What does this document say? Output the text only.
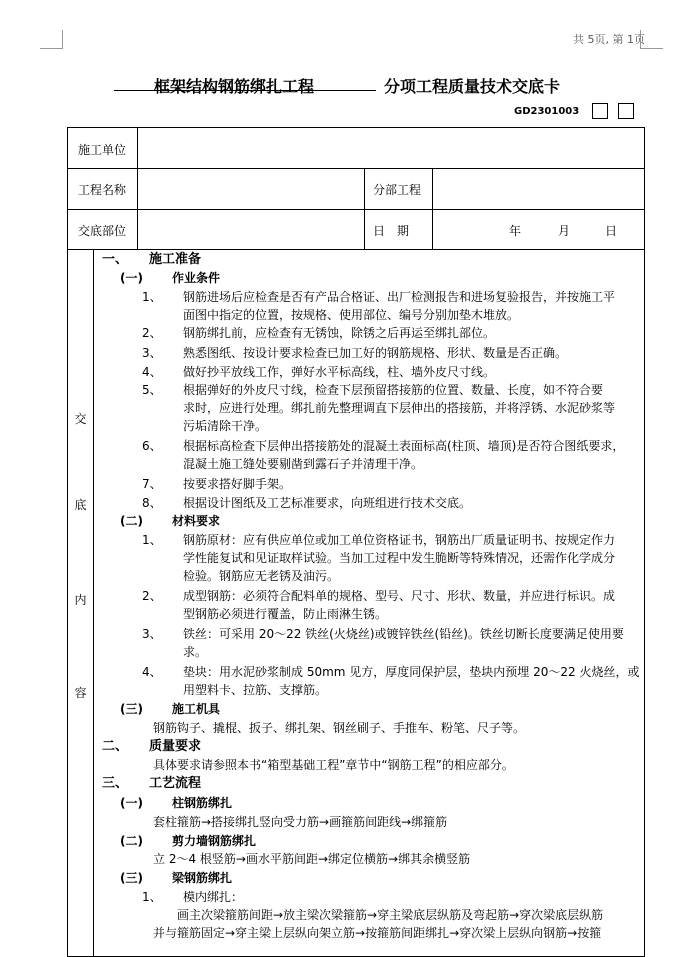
共 5页, 第 1页
框架结构钢筋绑扎工程	分项工程质量技术交底卡
GD2301003
施工单位
工程名称	分部工程
交底部位	日　期	年	月	日
交
底
内
容
一、 施工准备
(一) 作业条件
1、 钢筋进场后应检查是否有产品合格证、出厂检测报告和进场复验报告，并按施工平
面图中指定的位置，按规格、使用部位、编号分别加垫木堆放。
2、 钢筋绑扎前，应检查有无锈蚀，除锈之后再运至绑扎部位。
3、 熟悉图纸、按设计要求检查已加工好的钢筋规格、形状、数量是否正确。
4、 做好抄平放线工作，弹好水平标高线，柱、墙外皮尺寸线。
5、 根据弹好的外皮尺寸线，检查下层预留搭接筋的位置、数量、长度，如不符合要
求时，应进行处理。绑扎前先整理调直下层伸出的搭接筋，并将浮锈、水泥砂浆等
污垢清除干净。
6、 根据标高检查下层伸出搭接筋处的混凝土表面标高(柱顶、墙顶)是否符合图纸要求，
混凝土施工缝处要剔凿到露石子并清理干净。
7、 按要求搭好脚手架。
8、 根据设计图纸及工艺标准要求，向班组进行技术交底。
(二) 材料要求
1、 钢筋原材：应有供应单位或加工单位资格证书，钢筋出厂质量证明书、按规定作力
学性能复试和见证取样试验。当加工过程中发生脆断等特殊情况，还需作化学成分
检验。钢筋应无老锈及油污。
2、 成型钢筋：必须符合配料单的规格、型号、尺寸、形状、数量，并应进行标识。成
型钢筋必须进行覆盖，防止雨淋生锈。
3、 铁丝：可采用 20～22 铁丝(火烧丝)或镀锌铁丝(铅丝)。铁丝切断长度要满足使用要
求。
4、 垫块：用水泥砂浆制成 50mm 见方，厚度同保护层，垫块内预埋 20～22 火烧丝，或
用塑料卡、拉筋、支撑筋。
(三) 施工机具
钢筋钩子、撬棍、扳子、绑扎架、钢丝刷子、手推车、粉笔、尺子等。
二、 质量要求
具体要求请参照本书“箱型基础工程”章节中“钢筋工程”的相应部分。
三、 工艺流程
(一) 柱钢筋绑扎
套柱箍筋→搭接绑扎竖向受力筋→画箍筋间距线→绑箍筋
(二) 剪力墙钢筋绑扎
立 2～4 根竖筋→画水平筋间距→绑定位横筋→绑其余横竖筋
(三) 梁钢筋绑扎
1、 模内绑扎：
画主次梁箍筋间距→放主梁次梁箍筋→穿主梁底层纵筋及弯起筋→穿次梁底层纵筋
并与箍筋固定→穿主梁上层纵向架立筋→按箍筋间距绑扎→穿次梁上层纵向钢筋→按箍
